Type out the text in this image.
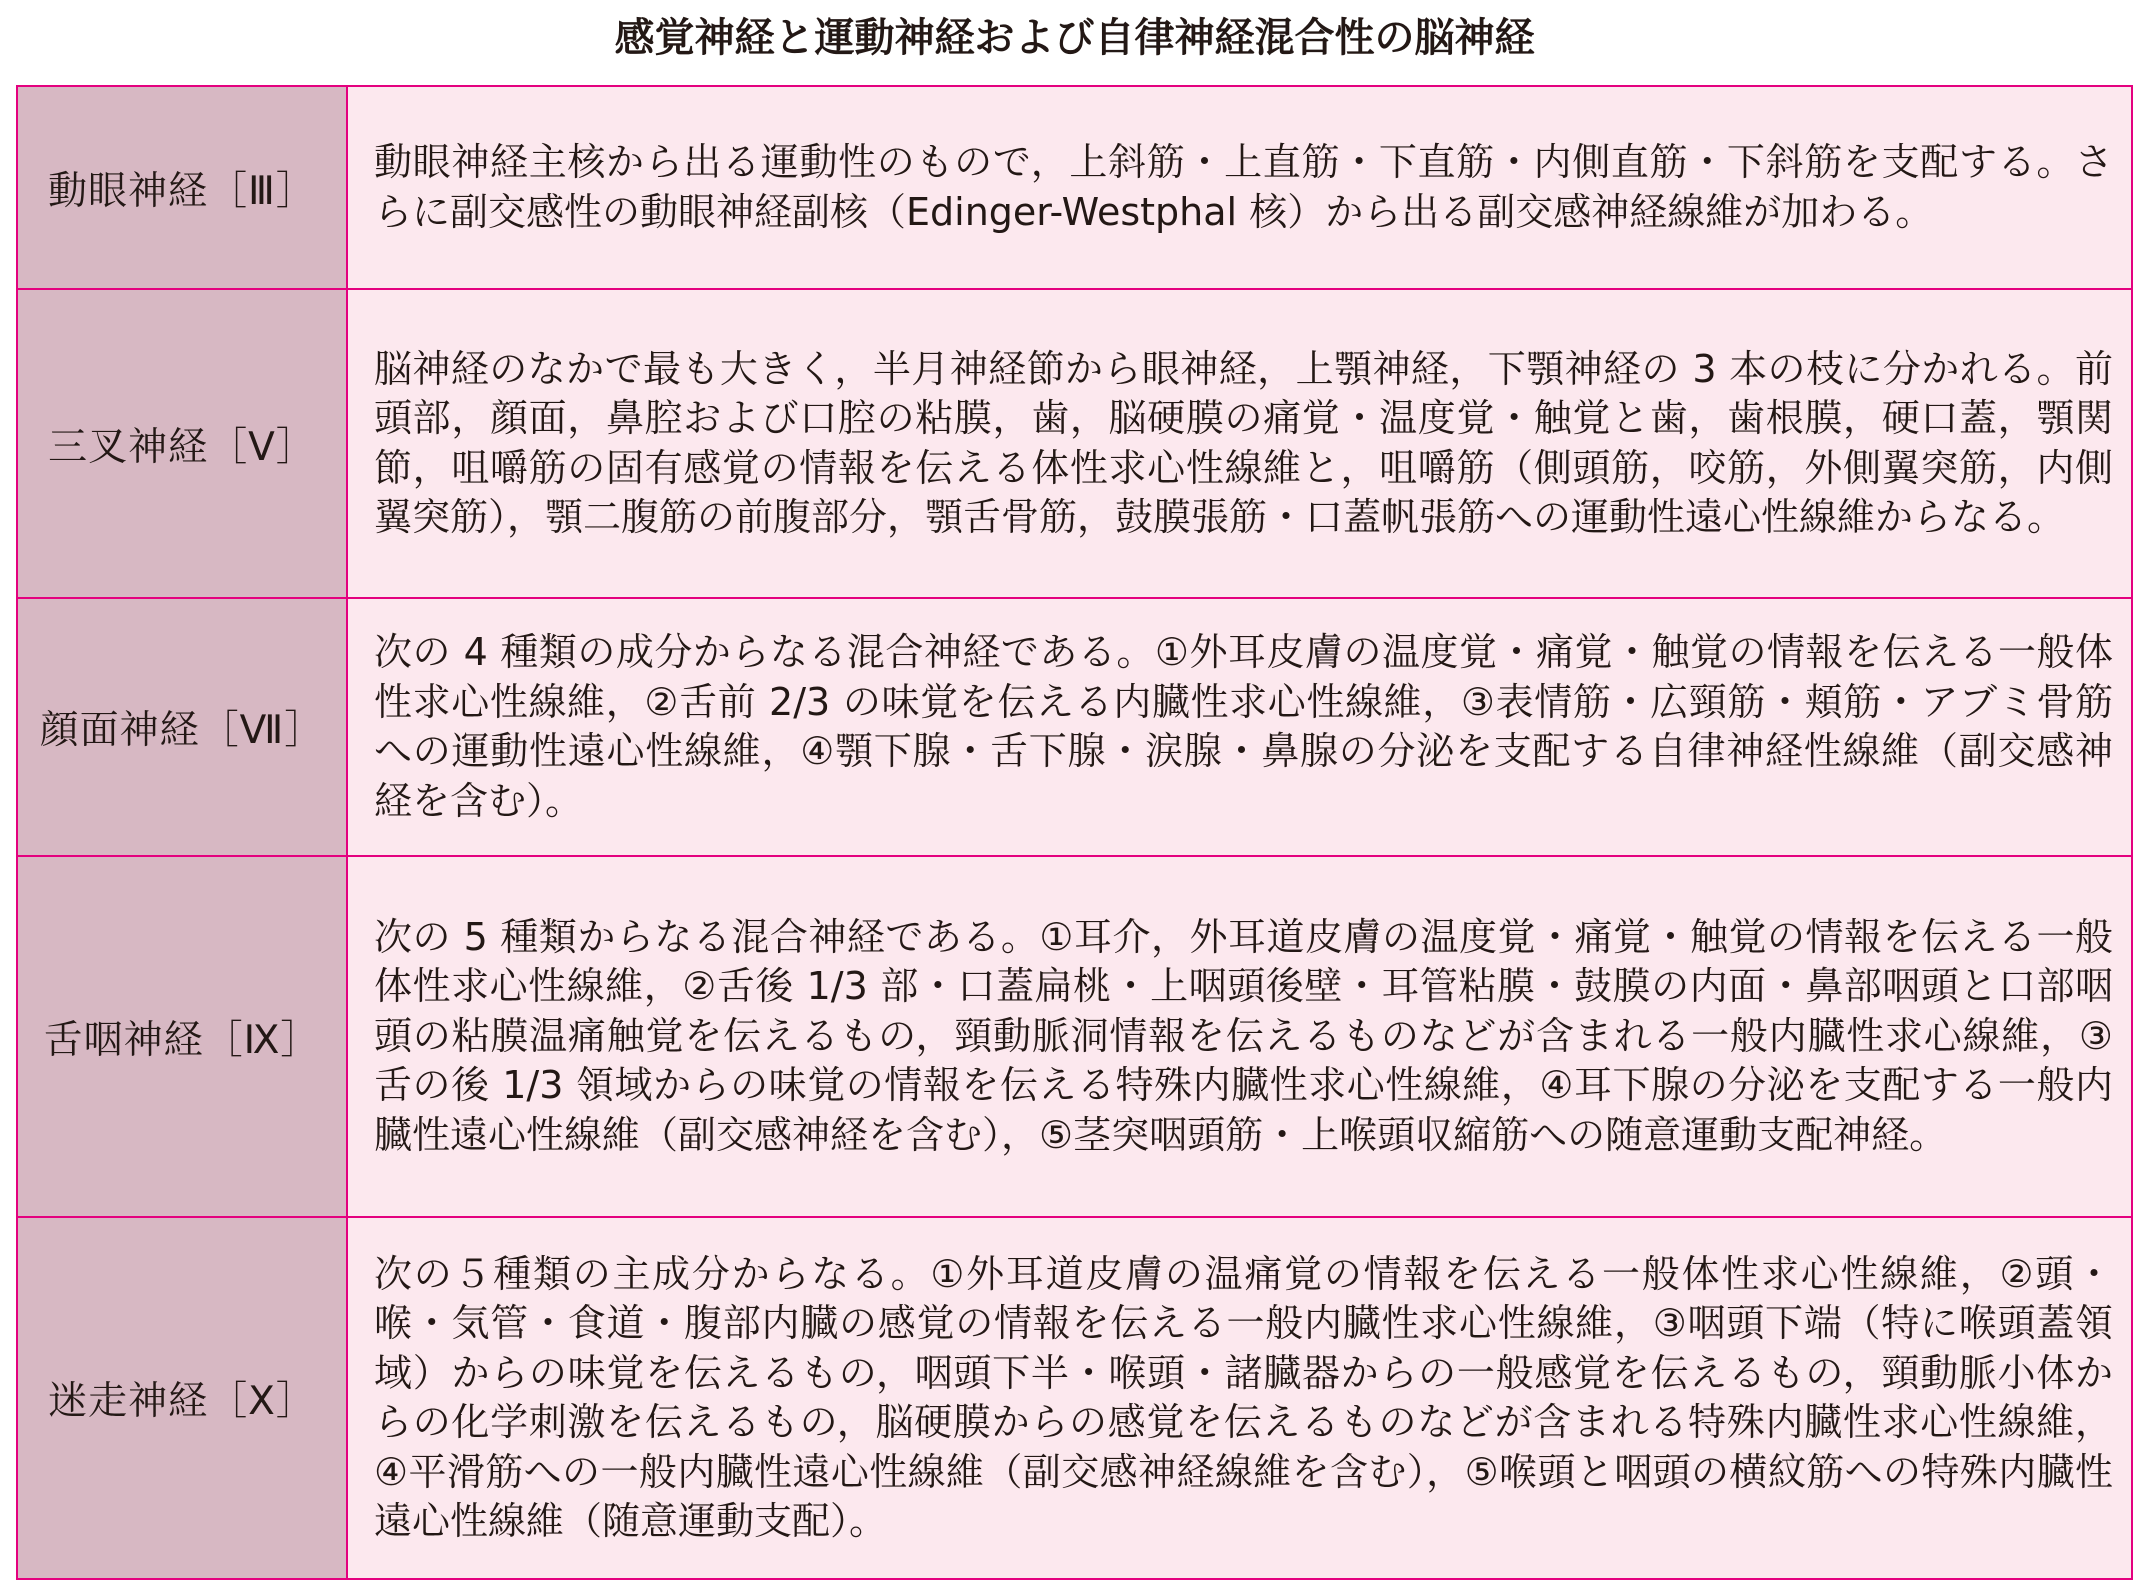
感覚神経と運動神経および自律神経混合性の脳神経
動眼神経［Ⅲ］	動眼神経主核から出る運動性のもので，上斜筋・上直筋・下直筋・内側直筋・下斜筋を支配する。さらに副交感性の動眼神経副核（Edinger-Westphal 核）から出る副交感神経線維が加わる。
三叉神経［Ⅴ］	脳神経のなかで最も大きく，半月神経節から眼神経，上顎神経，下顎神経の 3 本の枝に分かれる。前頭部，顔面，鼻腔および口腔の粘膜，歯，脳硬膜の痛覚・温度覚・触覚と歯，歯根膜，硬口蓋，顎関節，咀嚼筋の固有感覚の情報を伝える体性求心性線維と，咀嚼筋（側頭筋，咬筋，外側翼突筋，内側翼突筋），顎二腹筋の前腹部分，顎舌骨筋，鼓膜張筋・口蓋帆張筋への運動性遠心性線維からなる。
顔面神経［Ⅶ］	次の 4 種類の成分からなる混合神経である。①外耳皮膚の温度覚・痛覚・触覚の情報を伝える一般体性求心性線維，②舌前 2/3 の味覚を伝える内臓性求心性線維，③表情筋・広頸筋・頬筋・アブミ骨筋への運動性遠心性線維，④顎下腺・舌下腺・涙腺・鼻腺の分泌を支配する自律神経性線維（副交感神経を含む）。
舌咽神経［Ⅸ］	次の 5 種類からなる混合神経である。①耳介，外耳道皮膚の温度覚・痛覚・触覚の情報を伝える一般体性求心性線維，②舌後 1/3 部・口蓋扁桃・上咽頭後壁・耳管粘膜・鼓膜の内面・鼻部咽頭と口部咽頭の粘膜温痛触覚を伝えるもの，頸動脈洞情報を伝えるものなどが含まれる一般内臓性求心線維，③舌の後 1/3 領域からの味覚の情報を伝える特殊内臓性求心性線維，④耳下腺の分泌を支配する一般内臓性遠心性線維（副交感神経を含む），⑤茎突咽頭筋・上喉頭収縮筋への随意運動支配神経。
迷走神経［Ⅹ］	次の５種類の主成分からなる。①外耳道皮膚の温痛覚の情報を伝える一般体性求心性線維，②頭・喉・気管・食道・腹部内臓の感覚の情報を伝える一般内臓性求心性線維，③咽頭下端（特に喉頭蓋領域）からの味覚を伝えるもの，咽頭下半・喉頭・諸臓器からの一般感覚を伝えるもの，頸動脈小体からの化学刺激を伝えるもの，脳硬膜からの感覚を伝えるものなどが含まれる特殊内臓性求心性線維，④平滑筋への一般内臓性遠心性線維（副交感神経線維を含む），⑤喉頭と咽頭の横紋筋への特殊内臓性遠心性線維（随意運動支配）。
